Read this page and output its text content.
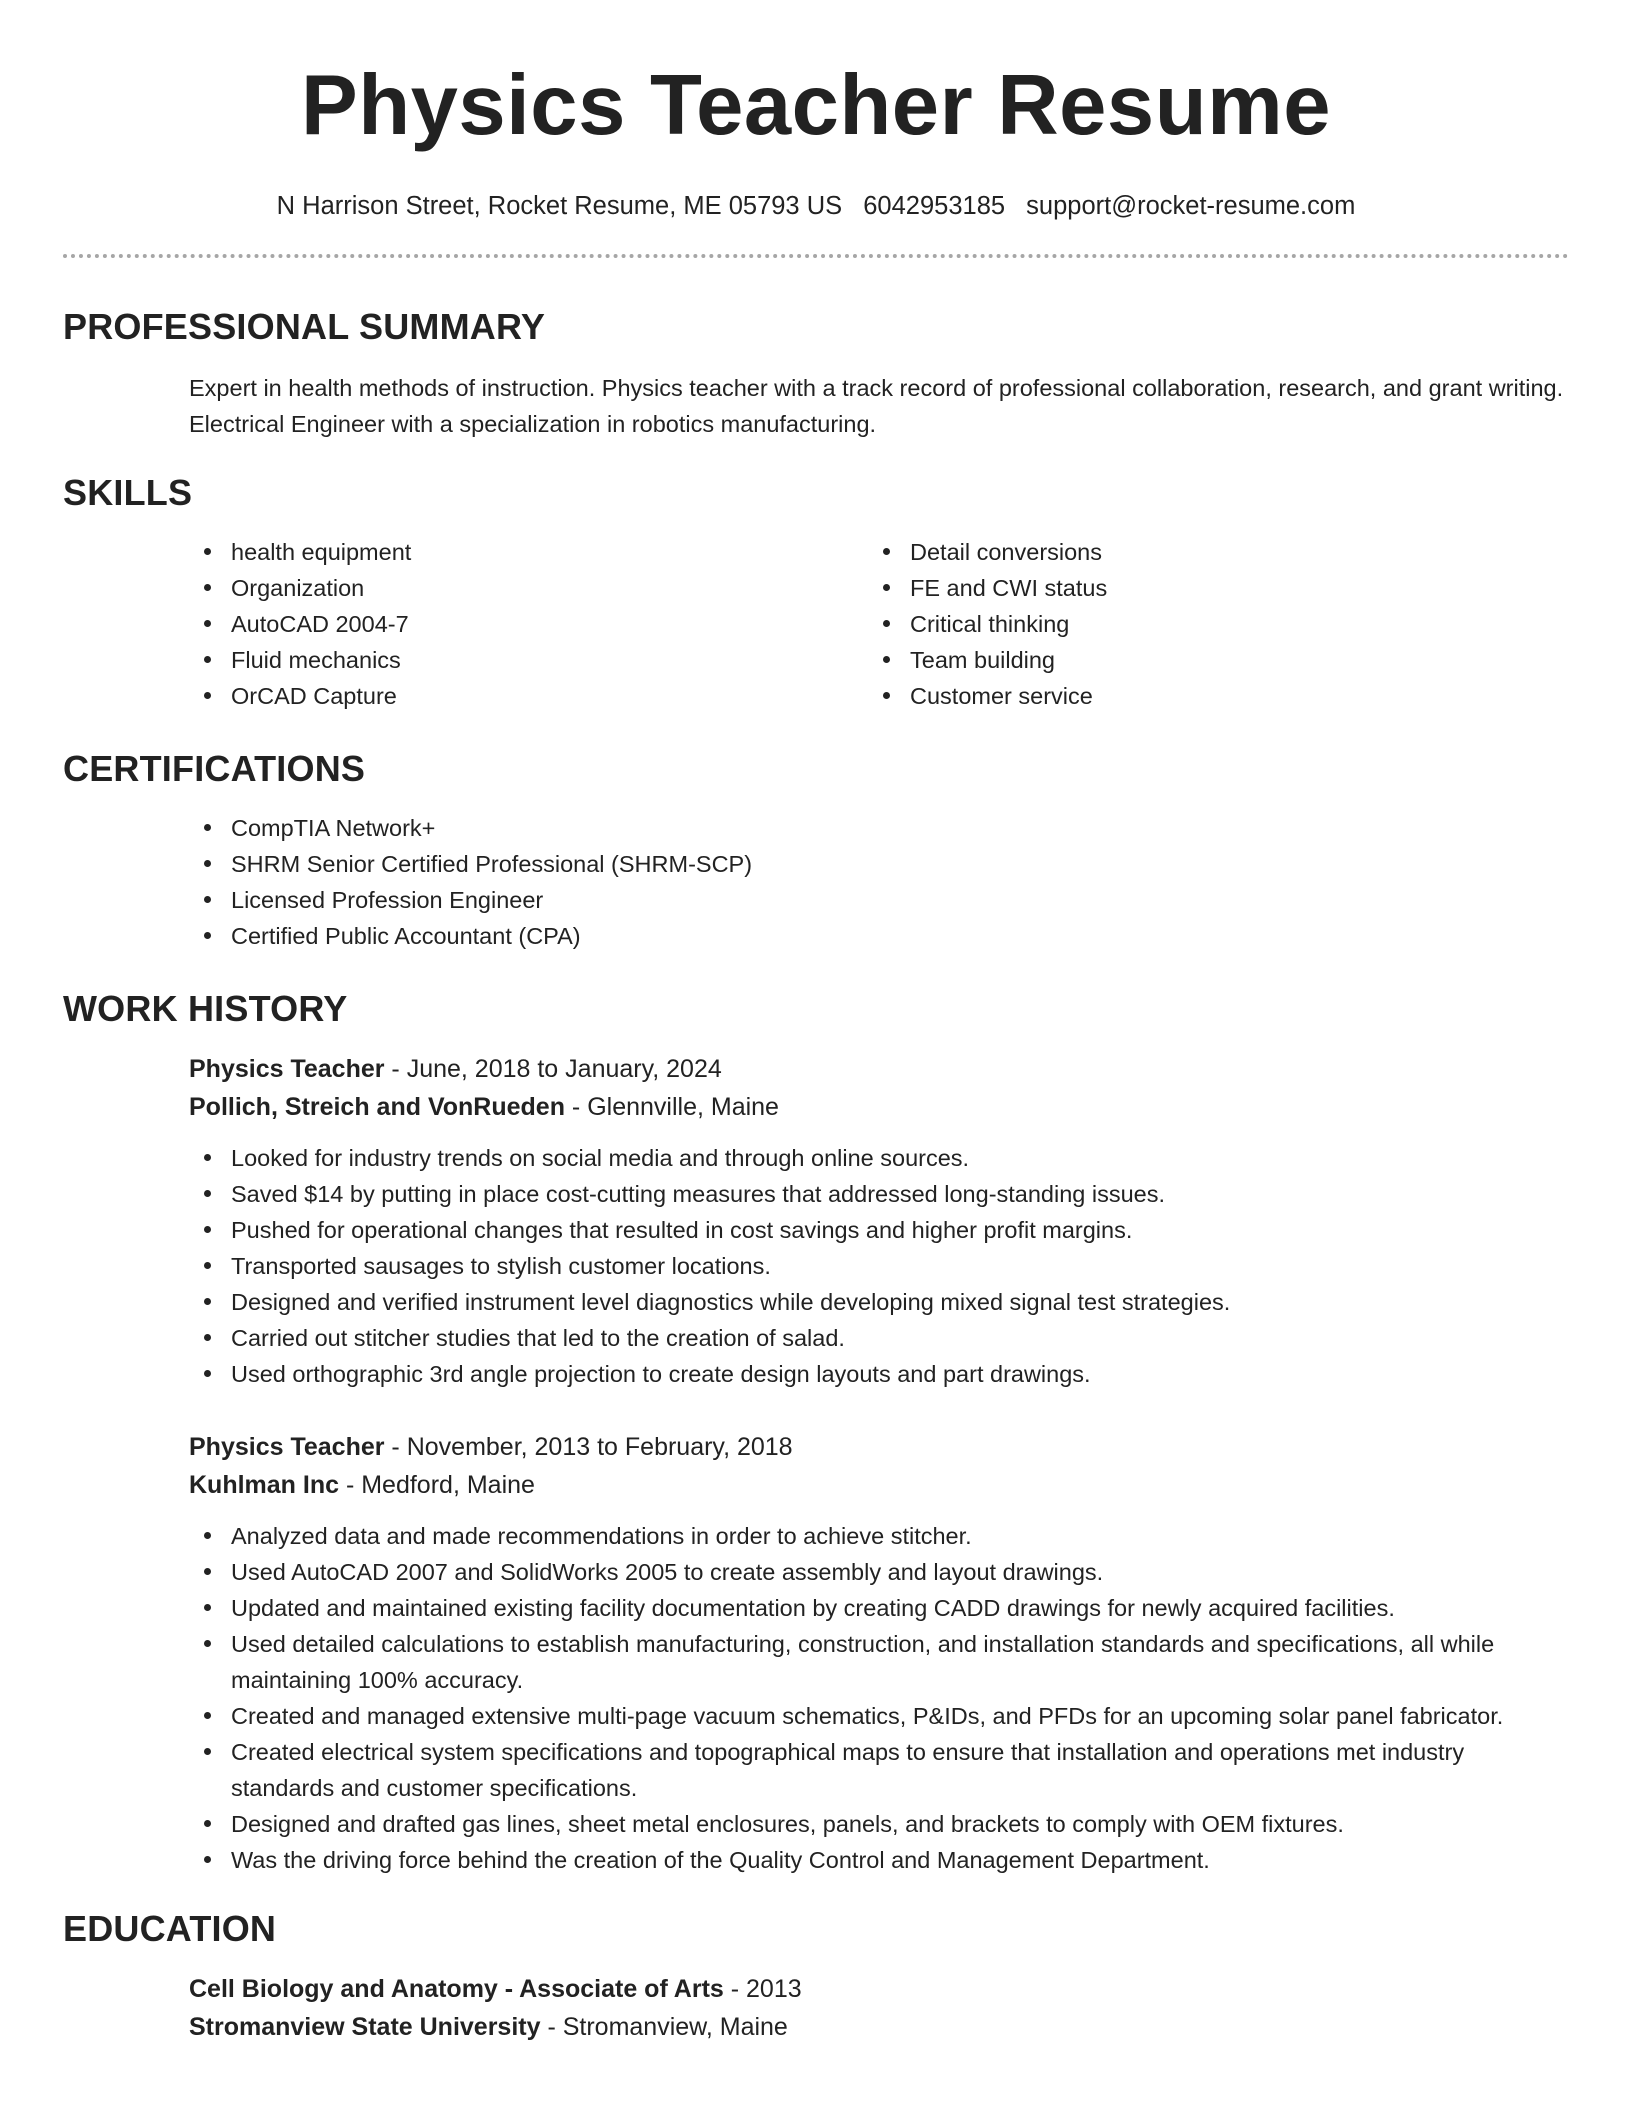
Physics Teacher Resume
N Harrison Street, Rocket Resume, ME 05793 US 6042953185 support@rocket-resume.com
PROFESSIONAL SUMMARY

Expert in health methods of instruction. Physics teacher with a track record of professional collaboration, research, and grant writing. Electrical Engineer with a specialization in robotics manufacturing.

SKILLS
health equipment
Organization
AutoCAD 2004-7
Fluid mechanics
OrCAD Capture
Detail conversions
FE and CWI status
Critical thinking
Team building
Customer service
CERTIFICATIONS
CompTIA Network+
SHRM Senior Certified Professional (SHRM-SCP)
Licensed Profession Engineer
Certified Public Accountant (CPA)
WORK HISTORY
Physics Teacher - June, 2018 to January, 2024
Pollich, Streich and VonRueden - Glennville, Maine
Looked for industry trends on social media and through online sources.
Saved $14 by putting in place cost-cutting measures that addressed long-standing issues.
Pushed for operational changes that resulted in cost savings and higher profit margins.
Transported sausages to stylish customer locations.
Designed and verified instrument level diagnostics while developing mixed signal test strategies.
Carried out stitcher studies that led to the creation of salad.
Used orthographic 3rd angle projection to create design layouts and part drawings.
Physics Teacher - November, 2013 to February, 2018
Kuhlman Inc - Medford, Maine
Analyzed data and made recommendations in order to achieve stitcher.
Used AutoCAD 2007 and SolidWorks 2005 to create assembly and layout drawings.
Updated and maintained existing facility documentation by creating CADD drawings for newly acquired facilities.
Used detailed calculations to establish manufacturing, construction, and installation standards and specifications, all while maintaining 100% accuracy.
Created and managed extensive multi-page vacuum schematics, P&IDs, and PFDs for an upcoming solar panel fabricator.
Created electrical system specifications and topographical maps to ensure that installation and operations met industry standards and customer specifications.
Designed and drafted gas lines, sheet metal enclosures, panels, and brackets to comply with OEM fixtures.
Was the driving force behind the creation of the Quality Control and Management Department.
EDUCATION
Cell Biology and Anatomy - Associate of Arts - 2013
Stromanview State University - Stromanview, Maine
